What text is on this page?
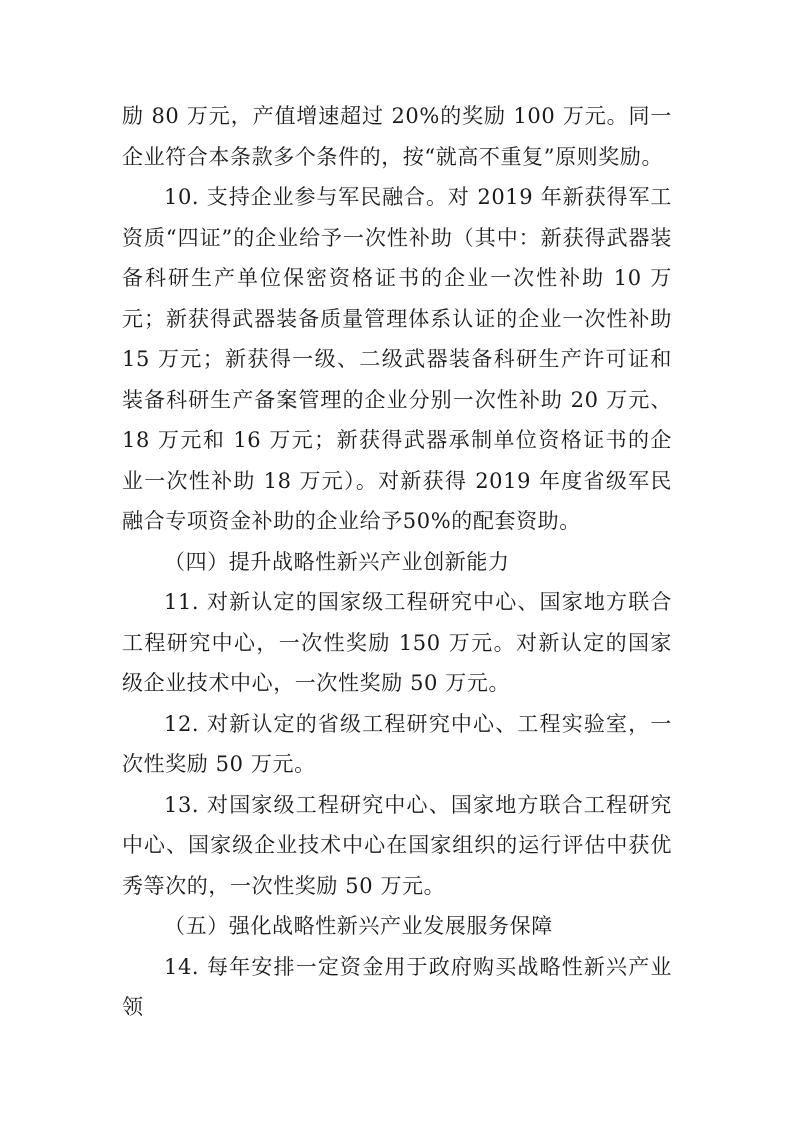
励 80 万元，产值增速超过 20%的奖励 100 万元。同一企业符合本条款多个条件的，按“就高不重复”原则奖励。

10. 支持企业参与军民融合。对 2019 年新获得军工资质“四证”的企业给予一次性补助（其中：新获得武器装备科研生产单位保密资格证书的企业一次性补助 10 万元；新获得武器装备质量管理体系认证的企业一次性补助 15 万元；新获得一级、二级武器装备科研生产许可证和装备科研生产备案管理的企业分别一次性补助 20 万元、18 万元和 16 万元；新获得武器承制单位资格证书的企业一次性补助 18 万元）。对新获得 2019 年度省级军民融合专项资金补助的企业给予50%的配套资助。

（四）提升战略性新兴产业创新能力

11. 对新认定的国家级工程研究中心、国家地方联合工程研究中心，一次性奖励 150 万元。对新认定的国家级企业技术中心，一次性奖励 50 万元。

12. 对新认定的省级工程研究中心、工程实验室，一次性奖励 50 万元。

13. 对国家级工程研究中心、国家地方联合工程研究中心、国家级企业技术中心在国家组织的运行评估中获优秀等次的，一次性奖励 50 万元。

（五）强化战略性新兴产业发展服务保障

14. 每年安排一定资金用于政府购买战略性新兴产业领
